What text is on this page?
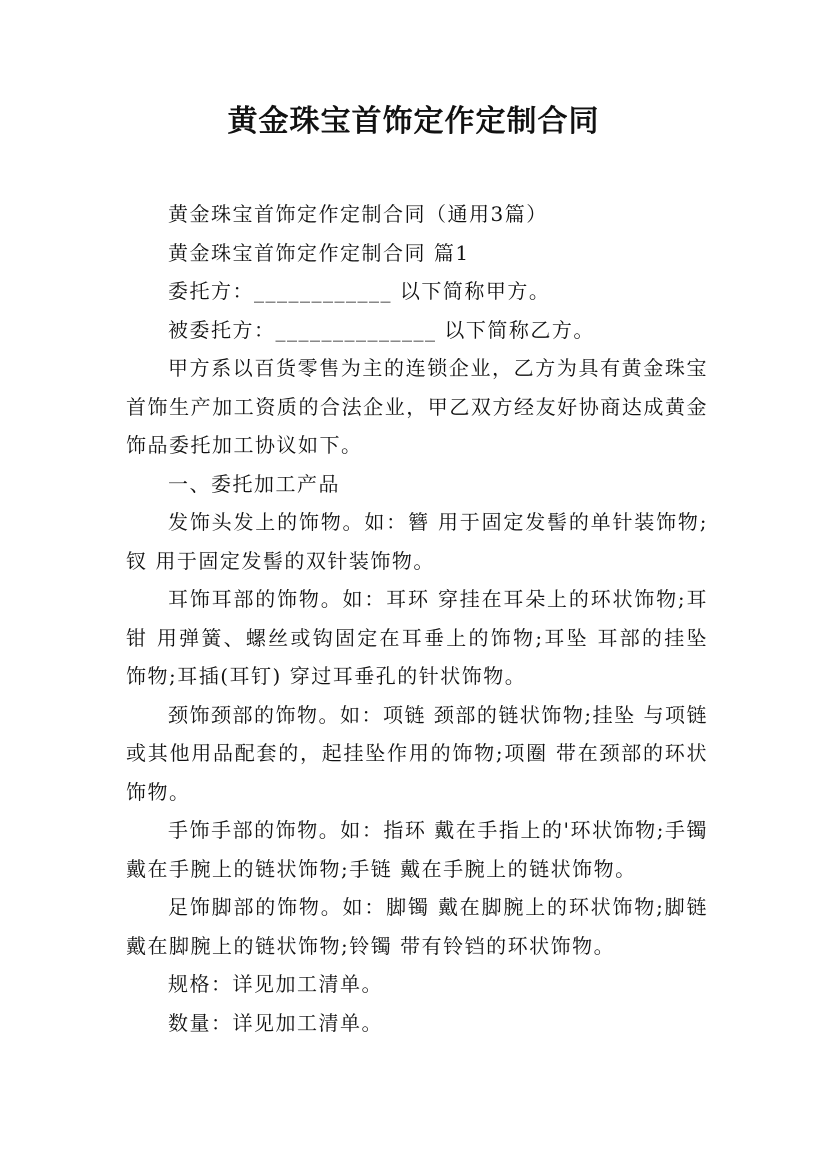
黄金珠宝首饰定作定制合同

黄金珠宝首饰定作定制合同（通用3篇）

黄金珠宝首饰定作定制合同 篇1

委托方：____________ 以下简称甲方。

被委托方：______________ 以下简称乙方。

甲方系以百货零售为主的连锁企业，乙方为具有黄金珠宝首饰生产加工资质的合法企业，甲乙双方经友好协商达成黄金饰品委托加工协议如下。

一、委托加工产品

发饰头发上的饰物。如：簪 用于固定发髻的单针装饰物;钗 用于固定发髻的双针装饰物。

耳饰耳部的饰物。如：耳环 穿挂在耳朵上的环状饰物;耳钳 用弹簧、螺丝或钩固定在耳垂上的饰物;耳坠 耳部的挂坠饰物;耳插(耳钉) 穿过耳垂孔的针状饰物。

颈饰颈部的饰物。如：项链 颈部的链状饰物;挂坠 与项链或其他用品配套的，起挂坠作用的饰物;项圈 带在颈部的环状饰物。

手饰手部的饰物。如：指环 戴在手指上的'环状饰物;手镯 戴在手腕上的链状饰物;手链 戴在手腕上的链状饰物。

足饰脚部的饰物。如：脚镯 戴在脚腕上的环状饰物;脚链 戴在脚腕上的链状饰物;铃镯 带有铃铛的环状饰物。

规格：详见加工清单。

数量：详见加工清单。
